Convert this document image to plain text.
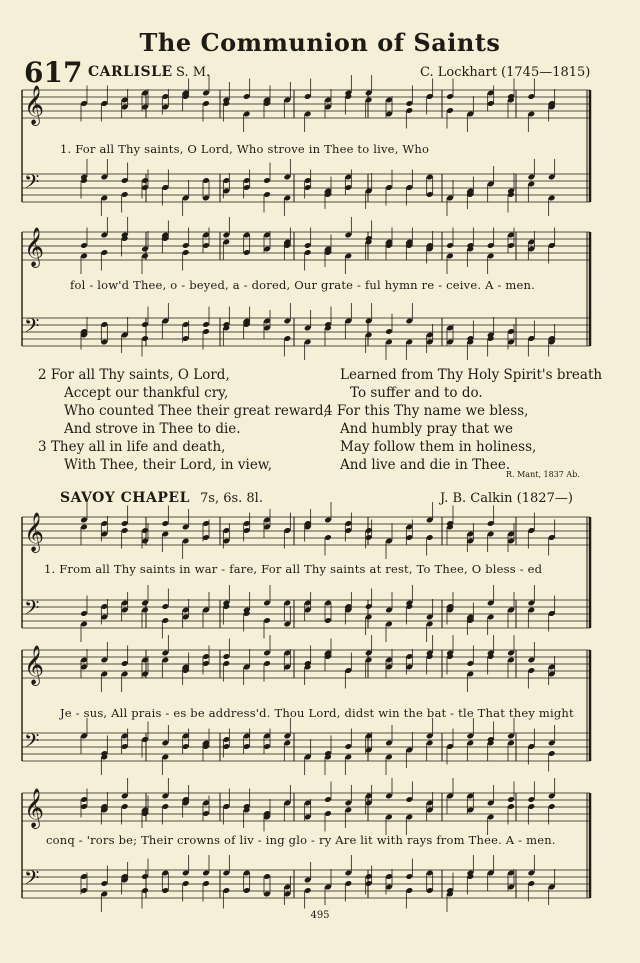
The Communion of Saints
617 CARLISLE S. M.	C. Lockhart (1745—1815)
𝄞
𝄢
𝄞
𝄢
𝄞
𝄢
𝄞
𝄢
𝄞
𝄢
1. For all Thy saints, O Lord, Who strove in Thee to live, Who
fol - low'd Thee, o - beyed, a - dored, Our grate - ful hymn re - ceive. A - men.
2 For all Thy saints, O Lord,
Accept our thankful cry,
Who counted Thee their great reward,
And strove in Thee to die.
3 They all in life and death,
With Thee, their Lord, in view,
Learned from Thy Holy Spirit's breath
To suffer and to do.
4 For this Thy name we bless,
And humbly pray that we
May follow them in holiness,
And live and die in Thee.
R. Mant, 1837 Ab.
SAVOY CHAPEL 7s, 6s. 8l.	J. B. Calkin (1827—)
1. From all Thy saints in war - fare, For all Thy saints at rest, To Thee, O bless - ed
Je - sus, All prais - es be address'd. Thou Lord, didst win the bat - tle That they might
conq - 'rors be; Their crowns of liv - ing glo - ry Are lit with rays from Thee. A - men.
495
